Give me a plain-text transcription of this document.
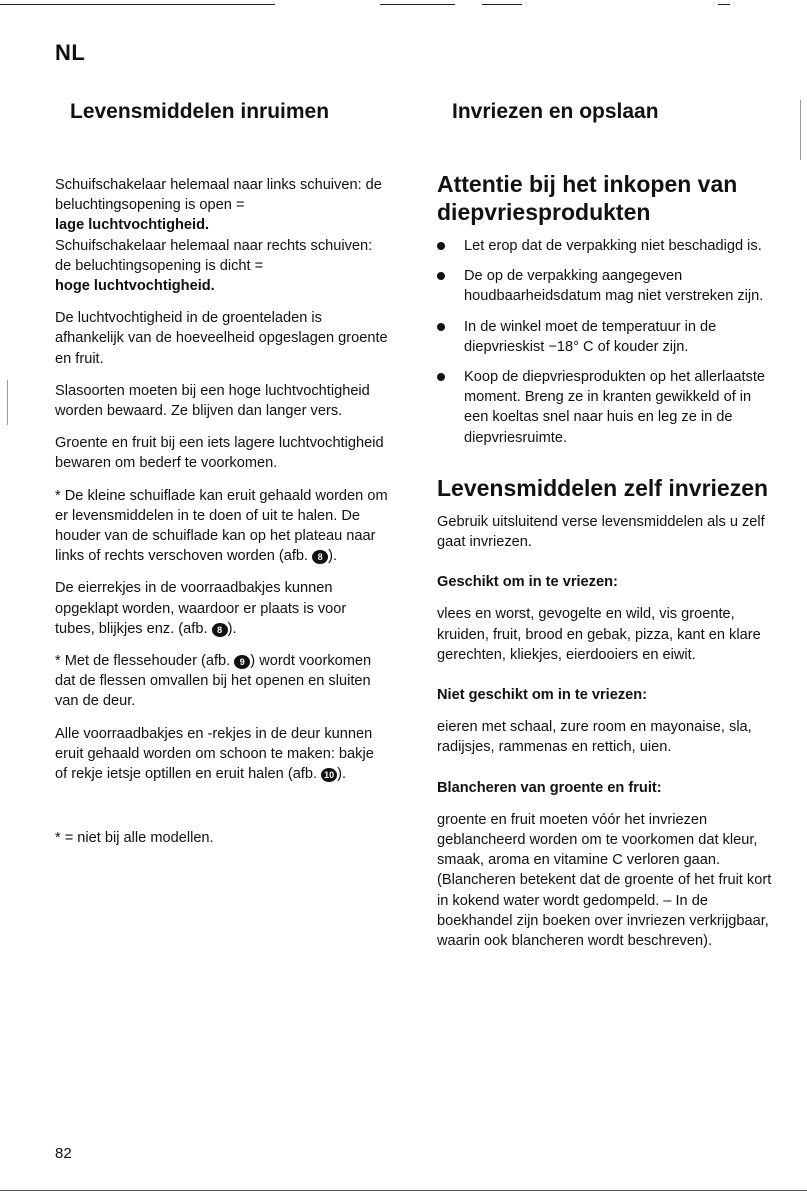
NL
Levensmiddelen inruimen	Invriezen en opslaan

Schuifschakelaar helemaal naar links schuiven: de beluchtingsopening is open =
lage luchtvochtigheid.
Schuifschakelaar helemaal naar rechts schuiven: de beluchtingsopening is dicht =
hoge luchtvochtigheid.

De luchtvochtigheid in de groenteladen is afhankelijk van de hoeveelheid opgeslagen groente en fruit.

Slasoorten moeten bij een hoge luchtvochtigheid worden bewaard. Ze blijven dan langer vers.

Groente en fruit bij een iets lagere luchtvochtigheid bewaren om bederf te voorkomen.

* De kleine schuiflade kan eruit gehaald worden om er levensmiddelen in te doen of uit te halen. De houder van de schuiflade kan op het plateau naar links of rechts verschoven worden (afb. 8 ).

De eierrekjes in de voorraadbakjes kunnen opgeklapt worden, waardoor er plaats is voor tubes, blijkjes enz. (afb. 8 ).

* Met de flessehouder (afb. 9 ) wordt voorkomen dat de flessen omvallen bij het openen en sluiten van de deur.

Alle voorraadbakjes en -rekjes in de deur kunnen eruit gehaald worden om schoon te maken: bakje of rekje ietsje optillen en eruit halen (afb. 10 ).

* = niet bij alle modellen.

Attentie bij het inkopen van diepvriesprodukten
Let erop dat de verpakking niet beschadigd is.
De op de verpakking aangegeven houdbaarheidsdatum mag niet verstreken zijn.
In de winkel moet de temperatuur in de diepvrieskist −18° C of kouder zijn.
Koop de diepvriesprodukten op het allerlaatste moment. Breng ze in kranten gewikkeld of in een koeltas snel naar huis en leg ze in de diepvriesruimte.
Levensmiddelen zelf invriezen

Gebruik uitsluitend verse levensmiddelen als u zelf gaat invriezen.

Geschikt om in te vriezen:

vlees en worst, gevogelte en wild, vis groente, kruiden, fruit, brood en gebak, pizza, kant en klare gerechten, kliekjes, eierdooiers en eiwit.

Niet geschikt om in te vriezen:

eieren met schaal, zure room en mayonaise, sla, radijsjes, rammenas en rettich, uien.

Blancheren van groente en fruit:

groente en fruit moeten vóór het invriezen geblancheerd worden om te voorkomen dat kleur, smaak, aroma en vitamine C verloren gaan.

(Blancheren betekent dat de groente of het fruit kort in kokend water wordt gedompeld. – In de boekhandel zijn boeken over invriezen verkrijgbaar, waarin ook blancheren wordt beschreven).

82
